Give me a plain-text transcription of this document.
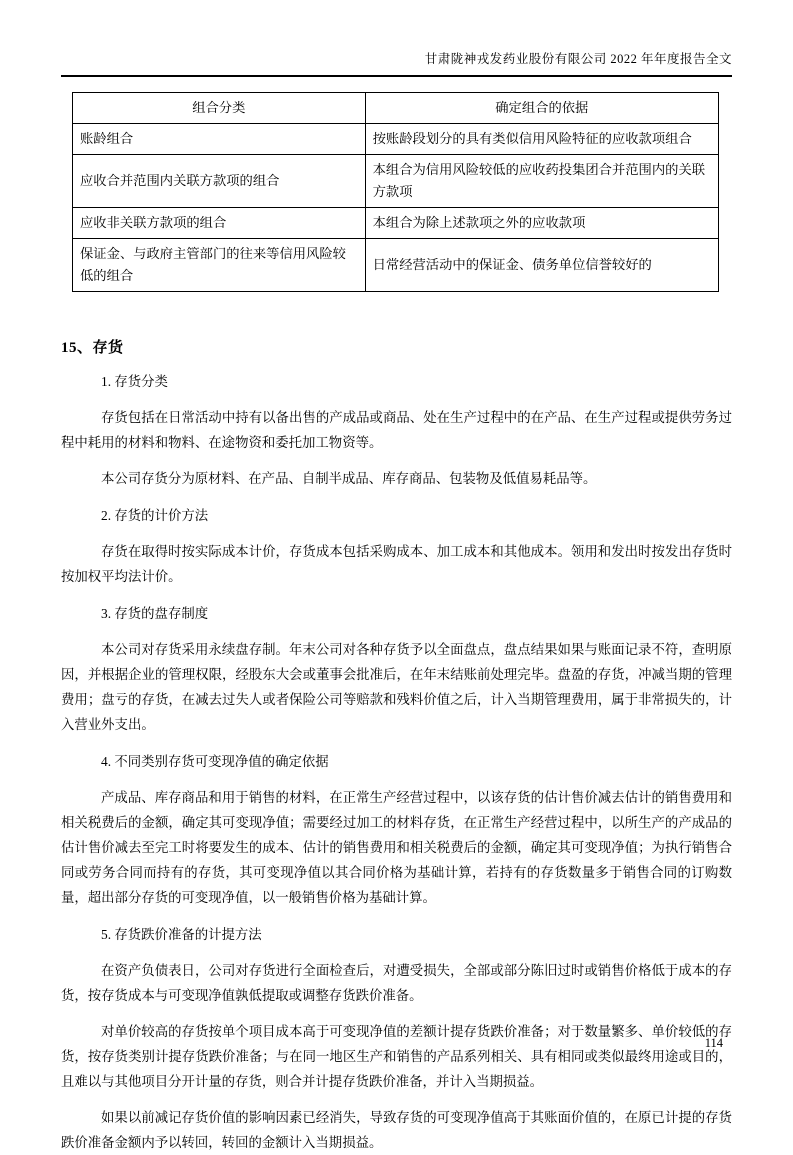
甘肃陇神戎发药业股份有限公司 2022 年年度报告全文
组合分类	确定组合的依据
账龄组合	按账龄段划分的具有类似信用风险特征的应收款项组合
应收合并范围内关联方款项的组合	本组合为信用风险较低的应收药投集团合并范围内的关联方款项
应收非关联方款项的组合	本组合为除上述款项之外的应收款项
保证金、与政府主管部门的往来等信用风险较低的组合	日常经营活动中的保证金、债务单位信誉较好的
15、存货

1. 存货分类

存货包括在日常活动中持有以备出售的产成品或商品、处在生产过程中的在产品、在生产过程或提供劳务过程中耗用的材料和物料、在途物资和委托加工物资等。

本公司存货分为原材料、在产品、自制半成品、库存商品、包装物及低值易耗品等。

2. 存货的计价方法

存货在取得时按实际成本计价，存货成本包括采购成本、加工成本和其他成本。领用和发出时按发出存货时按加权平均法计价。

3. 存货的盘存制度

本公司对存货采用永续盘存制。年末公司对各种存货予以全面盘点，盘点结果如果与账面记录不符，查明原因，并根据企业的管理权限，经股东大会或董事会批准后，在年末结账前处理完毕。盘盈的存货，冲减当期的管理费用；盘亏的存货，在减去过失人或者保险公司等赔款和残料价值之后，计入当期管理费用，属于非常损失的，计入营业外支出。

4. 不同类别存货可变现净值的确定依据

产成品、库存商品和用于销售的材料，在正常生产经营过程中，以该存货的估计售价减去估计的销售费用和相关税费后的金额，确定其可变现净值；需要经过加工的材料存货，在正常生产经营过程中，以所生产的产成品的估计售价减去至完工时将要发生的成本、估计的销售费用和相关税费后的金额，确定其可变现净值；为执行销售合同或劳务合同而持有的存货，其可变现净值以其合同价格为基础计算，若持有的存货数量多于销售合同的订购数量，超出部分存货的可变现净值，以一般销售价格为基础计算。

5. 存货跌价准备的计提方法

在资产负债表日，公司对存货进行全面检查后，对遭受损失，全部或部分陈旧过时或销售价格低于成本的存货，按存货成本与可变现净值孰低提取或调整存货跌价准备。

对单价较高的存货按单个项目成本高于可变现净值的差额计提存货跌价准备；对于数量繁多、单价较低的存货，按存货类别计提存货跌价准备；与在同一地区生产和销售的产品系列相关、具有相同或类似最终用途或目的，且难以与其他项目分开计量的存货，则合并计提存货跌价准备，并计入当期损益。

如果以前减记存货价值的影响因素已经消失，导致存货的可变现净值高于其账面价值的，在原已计提的存货跌价准备金额内予以转回，转回的金额计入当期损益。

114
